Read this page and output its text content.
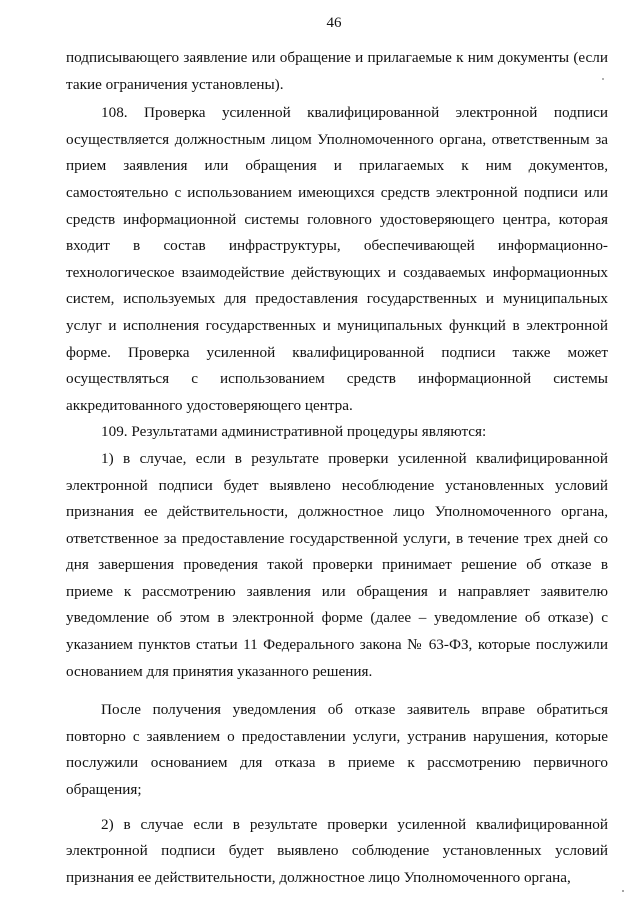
46

подписывающего заявление или обращение и прилагаемые к ним документы (если такие ограничения установлены).

108. Проверка усиленной квалифицированной электронной подписи осуществляется должностным лицом Уполномоченного органа, ответственным за прием заявления или обращения и прилагаемых к ним документов, самостоятельно с использованием имеющихся средств электронной подписи или средств информационной системы головного удостоверяющего центра, которая входит в состав инфраструктуры, обеспечивающей информационно-технологическое взаимодействие действующих и создаваемых информационных систем, используемых для предоставления государственных и муниципальных услуг и исполнения государственных и муниципальных функций в электронной форме. Проверка усиленной квалифицированной подписи также может осуществляться с использованием средств информационной системы аккредитованного удостоверяющего центра.

109. Результатами административной процедуры являются:

1) в случае, если в результате проверки усиленной квалифицированной электронной подписи будет выявлено несоблюдение установленных условий признания ее действительности, должностное лицо Уполномоченного органа, ответственное за предоставление государственной услуги, в течение трех дней со дня завершения проведения такой проверки принимает решение об отказе в приеме к рассмотрению заявления или обращения и направляет заявителю уведомление об этом в электронной форме (далее – уведомление об отказе) с указанием пунктов статьи 11 Федерального закона № 63-ФЗ, которые послужили основанием для принятия указанного решения.

После получения уведомления об отказе заявитель вправе обратиться повторно с заявлением о предоставлении услуги, устранив нарушения, которые послужили основанием для отказа в приеме к рассмотрению первичного обращения;

2) в случае если в результате проверки усиленной квалифицированной электронной подписи будет выявлено соблюдение установленных условий признания ее действительности, должностное лицо Уполномоченного органа,
